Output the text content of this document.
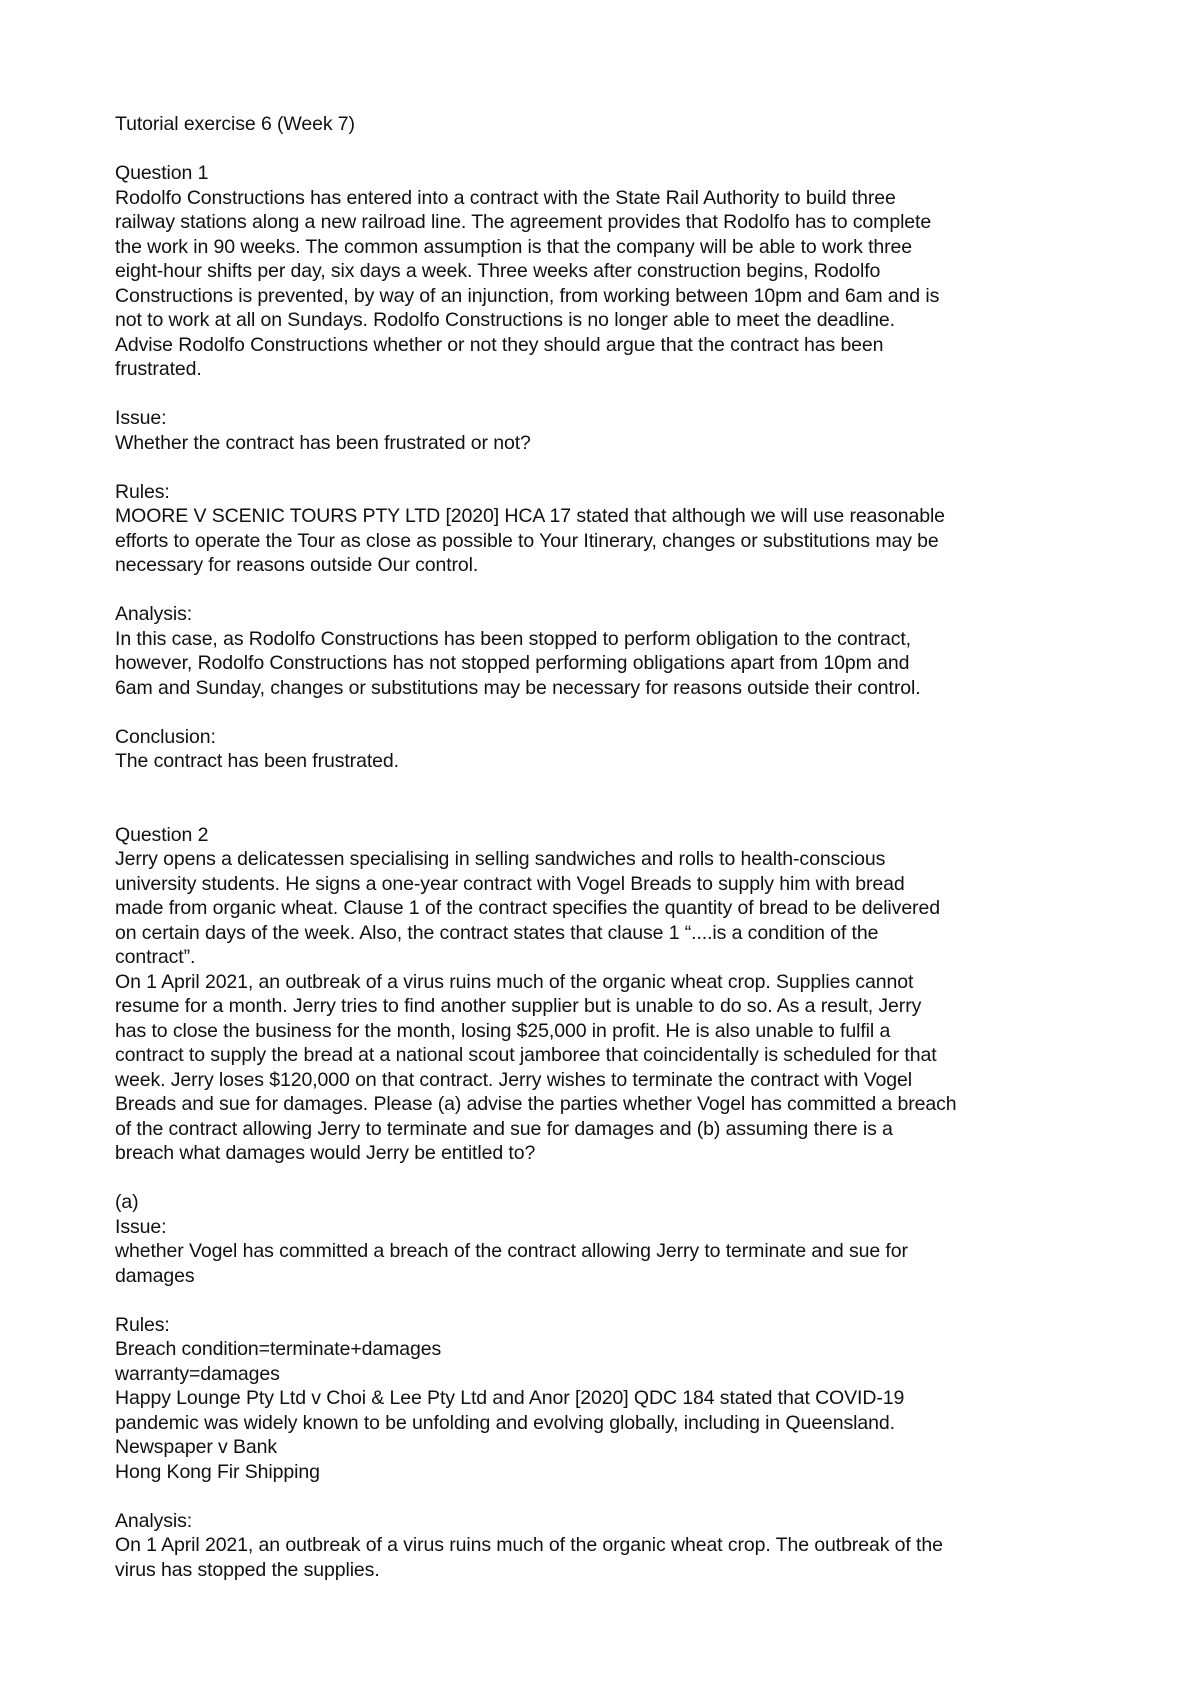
Tutorial exercise 6 (Week 7)
Question 1
Rodolfo Constructions has entered into a contract with the State Rail Authority to build three
railway stations along a new railroad line. The agreement provides that Rodolfo has to complete
the work in 90 weeks. The common assumption is that the company will be able to work three
eight-hour shifts per day, six days a week. Three weeks after construction begins, Rodolfo
Constructions is prevented, by way of an injunction, from working between 10pm and 6am and is
not to work at all on Sundays. Rodolfo Constructions is no longer able to meet the deadline.
Advise Rodolfo Constructions whether or not they should argue that the contract has been
frustrated.
Issue:
Whether the contract has been frustrated or not?
Rules:
MOORE V SCENIC TOURS PTY LTD [2020] HCA 17 stated that although we will use reasonable
efforts to operate the Tour as close as possible to Your Itinerary, changes or substitutions may be
necessary for reasons outside Our control.
Analysis:
In this case, as Rodolfo Constructions has been stopped to perform obligation to the contract,
however, Rodolfo Constructions has not stopped performing obligations apart from 10pm and
6am and Sunday, changes or substitutions may be necessary for reasons outside their control.
Conclusion:
The contract has been frustrated.
Question 2
Jerry opens a delicatessen specialising in selling sandwiches and rolls to health-conscious
university students. He signs a one-year contract with Vogel Breads to supply him with bread
made from organic wheat. Clause 1 of the contract specifies the quantity of bread to be delivered
on certain days of the week. Also, the contract states that clause 1 “....is a condition of the
contract”.
On 1 April 2021, an outbreak of a virus ruins much of the organic wheat crop. Supplies cannot
resume for a month. Jerry tries to find another supplier but is unable to do so. As a result, Jerry
has to close the business for the month, losing $25,000 in profit. He is also unable to fulfil a
contract to supply the bread at a national scout jamboree that coincidentally is scheduled for that
week. Jerry loses $120,000 on that contract. Jerry wishes to terminate the contract with Vogel
Breads and sue for damages. Please (a) advise the parties whether Vogel has committed a breach
of the contract allowing Jerry to terminate and sue for damages and (b) assuming there is a
breach what damages would Jerry be entitled to?
(a)
Issue:
whether Vogel has committed a breach of the contract allowing Jerry to terminate and sue for
damages
Rules:
Breach condition=terminate+damages
warranty=damages
Happy Lounge Pty Ltd v Choi & Lee Pty Ltd and Anor [2020] QDC 184 stated that COVID-19
pandemic was widely known to be unfolding and evolving globally, including in Queensland.
Newspaper v Bank
Hong Kong Fir Shipping
Analysis:
On 1 April 2021, an outbreak of a virus ruins much of the organic wheat crop. The outbreak of the
virus has stopped the supplies.
